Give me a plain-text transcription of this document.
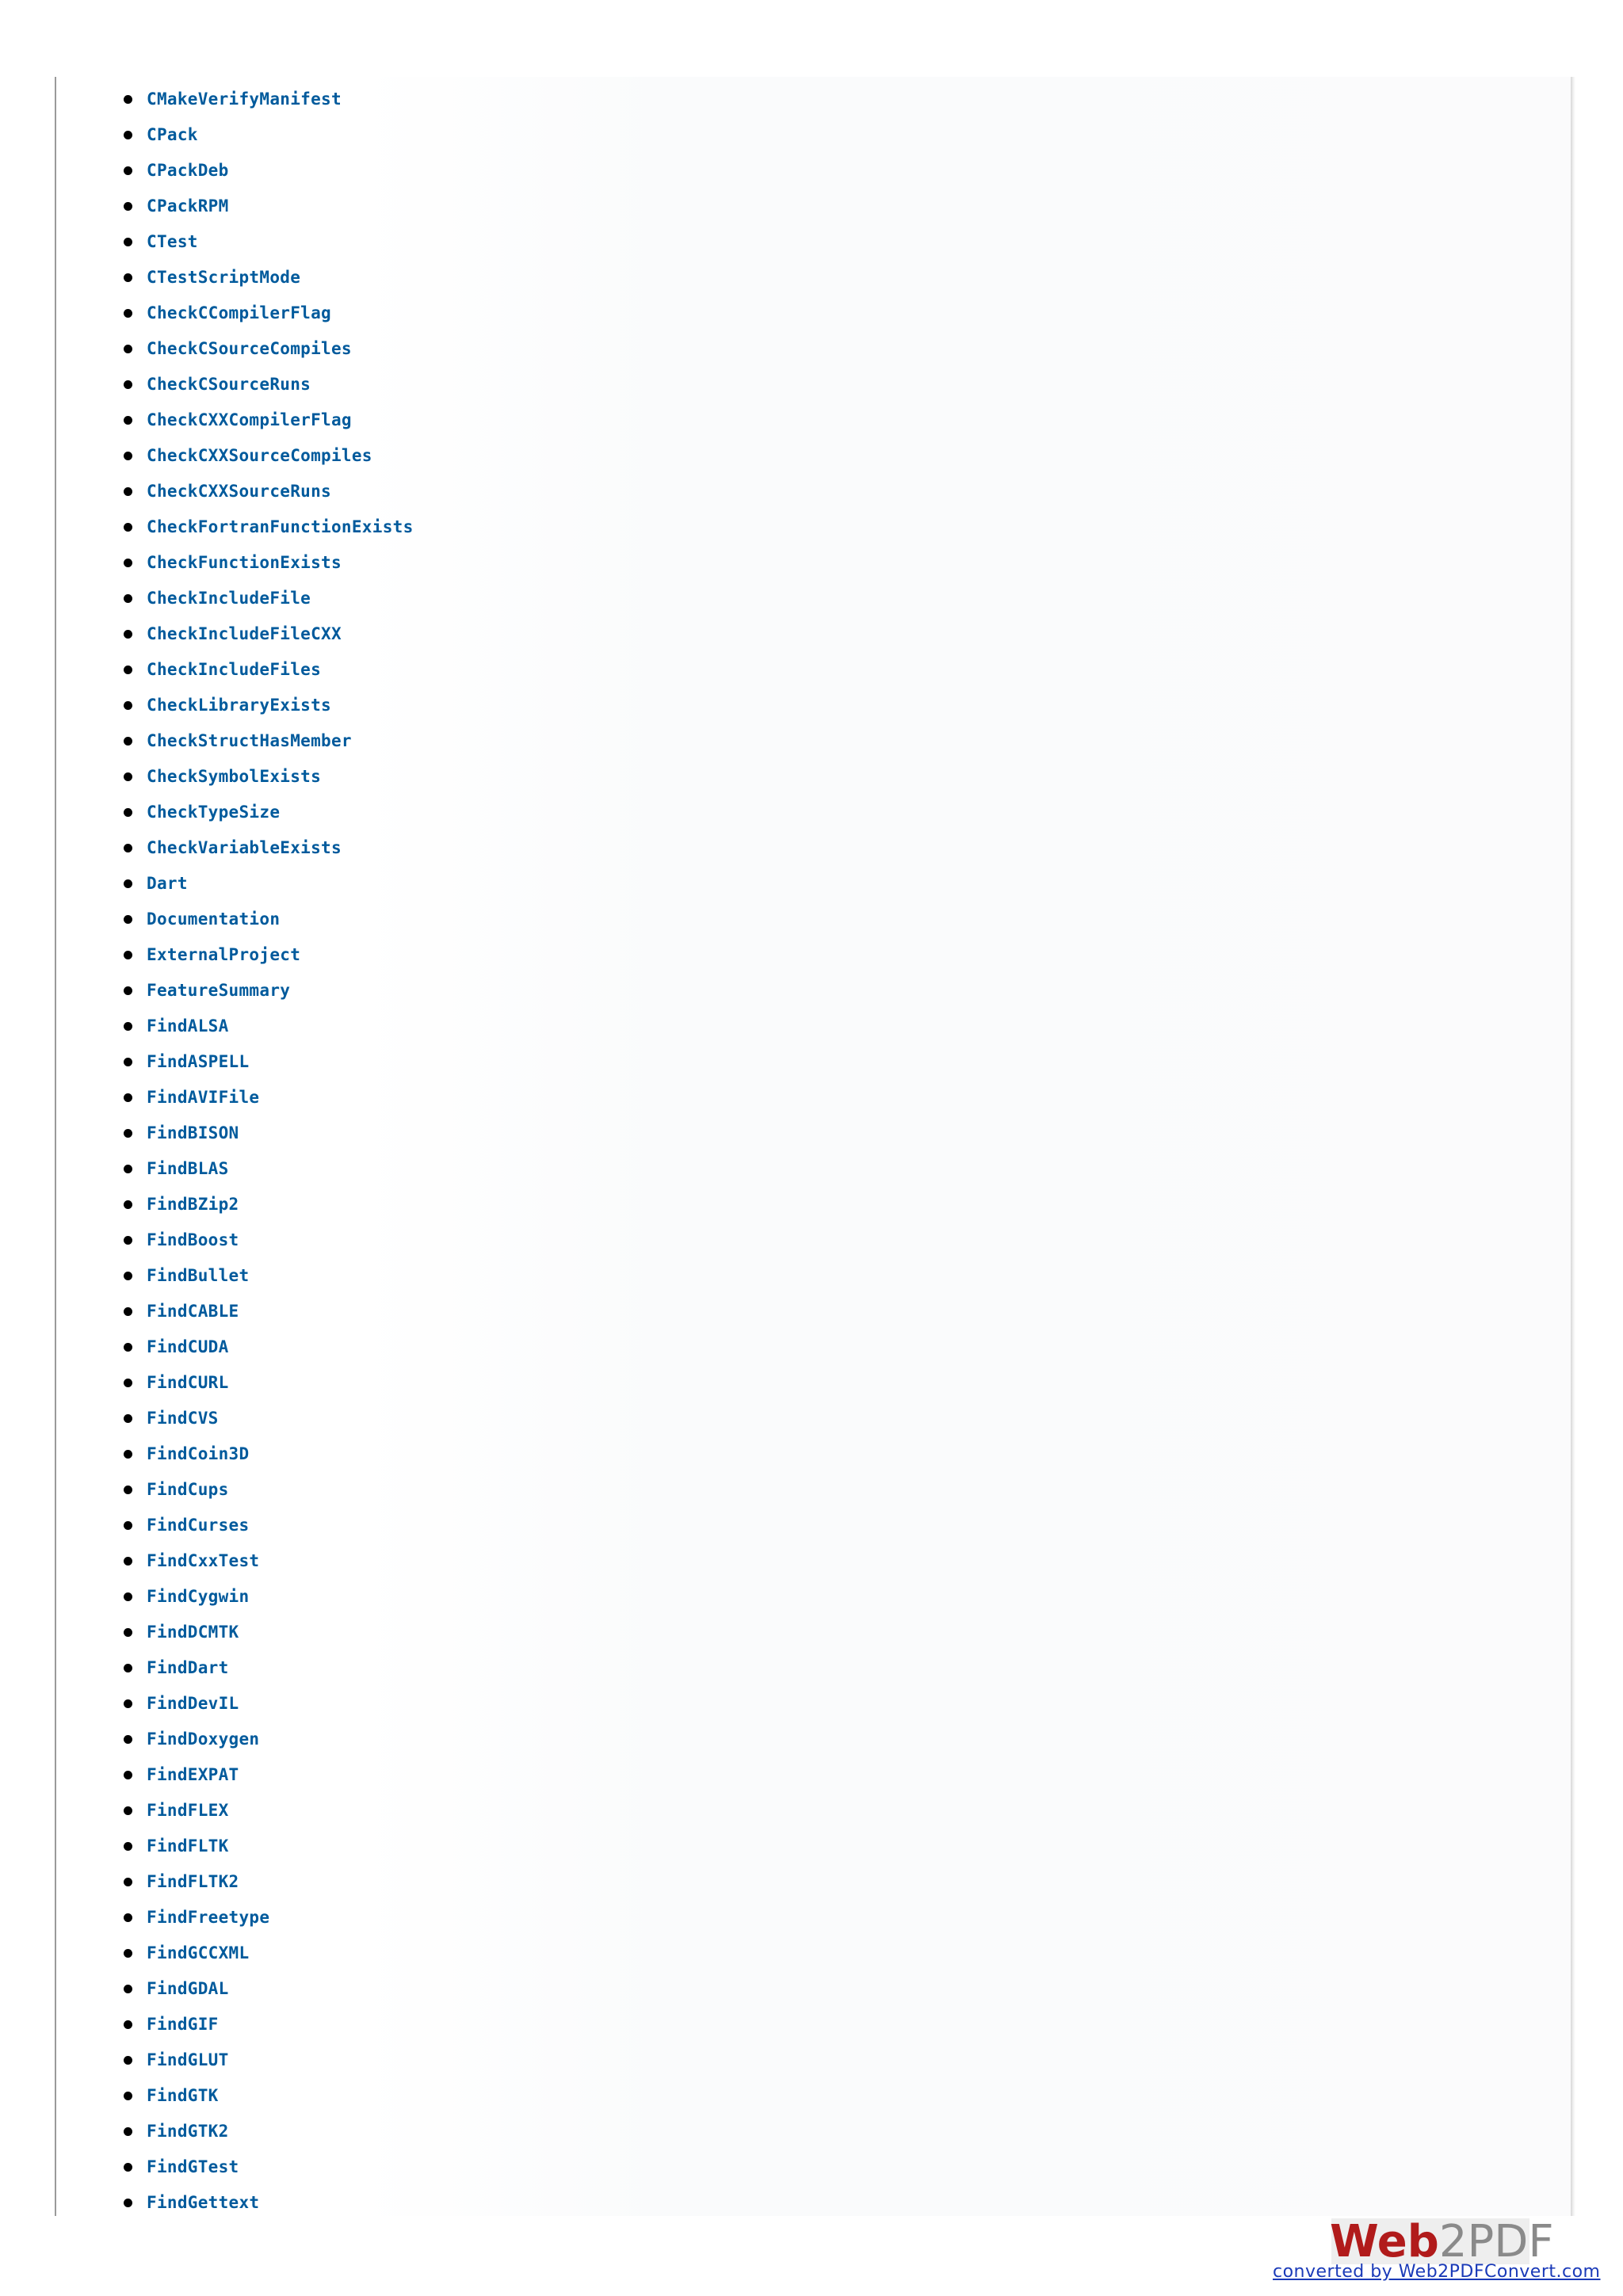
CMakeVerifyManifest
CPack
CPackDeb
CPackRPM
CTest
CTestScriptMode
CheckCCompilerFlag
CheckCSourceCompiles
CheckCSourceRuns
CheckCXXCompilerFlag
CheckCXXSourceCompiles
CheckCXXSourceRuns
CheckFortranFunctionExists
CheckFunctionExists
CheckIncludeFile
CheckIncludeFileCXX
CheckIncludeFiles
CheckLibraryExists
CheckStructHasMember
CheckSymbolExists
CheckTypeSize
CheckVariableExists
Dart
Documentation
ExternalProject
FeatureSummary
FindALSA
FindASPELL
FindAVIFile
FindBISON
FindBLAS
FindBZip2
FindBoost
FindBullet
FindCABLE
FindCUDA
FindCURL
FindCVS
FindCoin3D
FindCups
FindCurses
FindCxxTest
FindCygwin
FindDCMTK
FindDart
FindDevIL
FindDoxygen
FindEXPAT
FindFLEX
FindFLTK
FindFLTK2
FindFreetype
FindGCCXML
FindGDAL
FindGIF
FindGLUT
FindGTK
FindGTK2
FindGTest
FindGettext
Web 2PDF
converted by Web2PDFConvert.com
